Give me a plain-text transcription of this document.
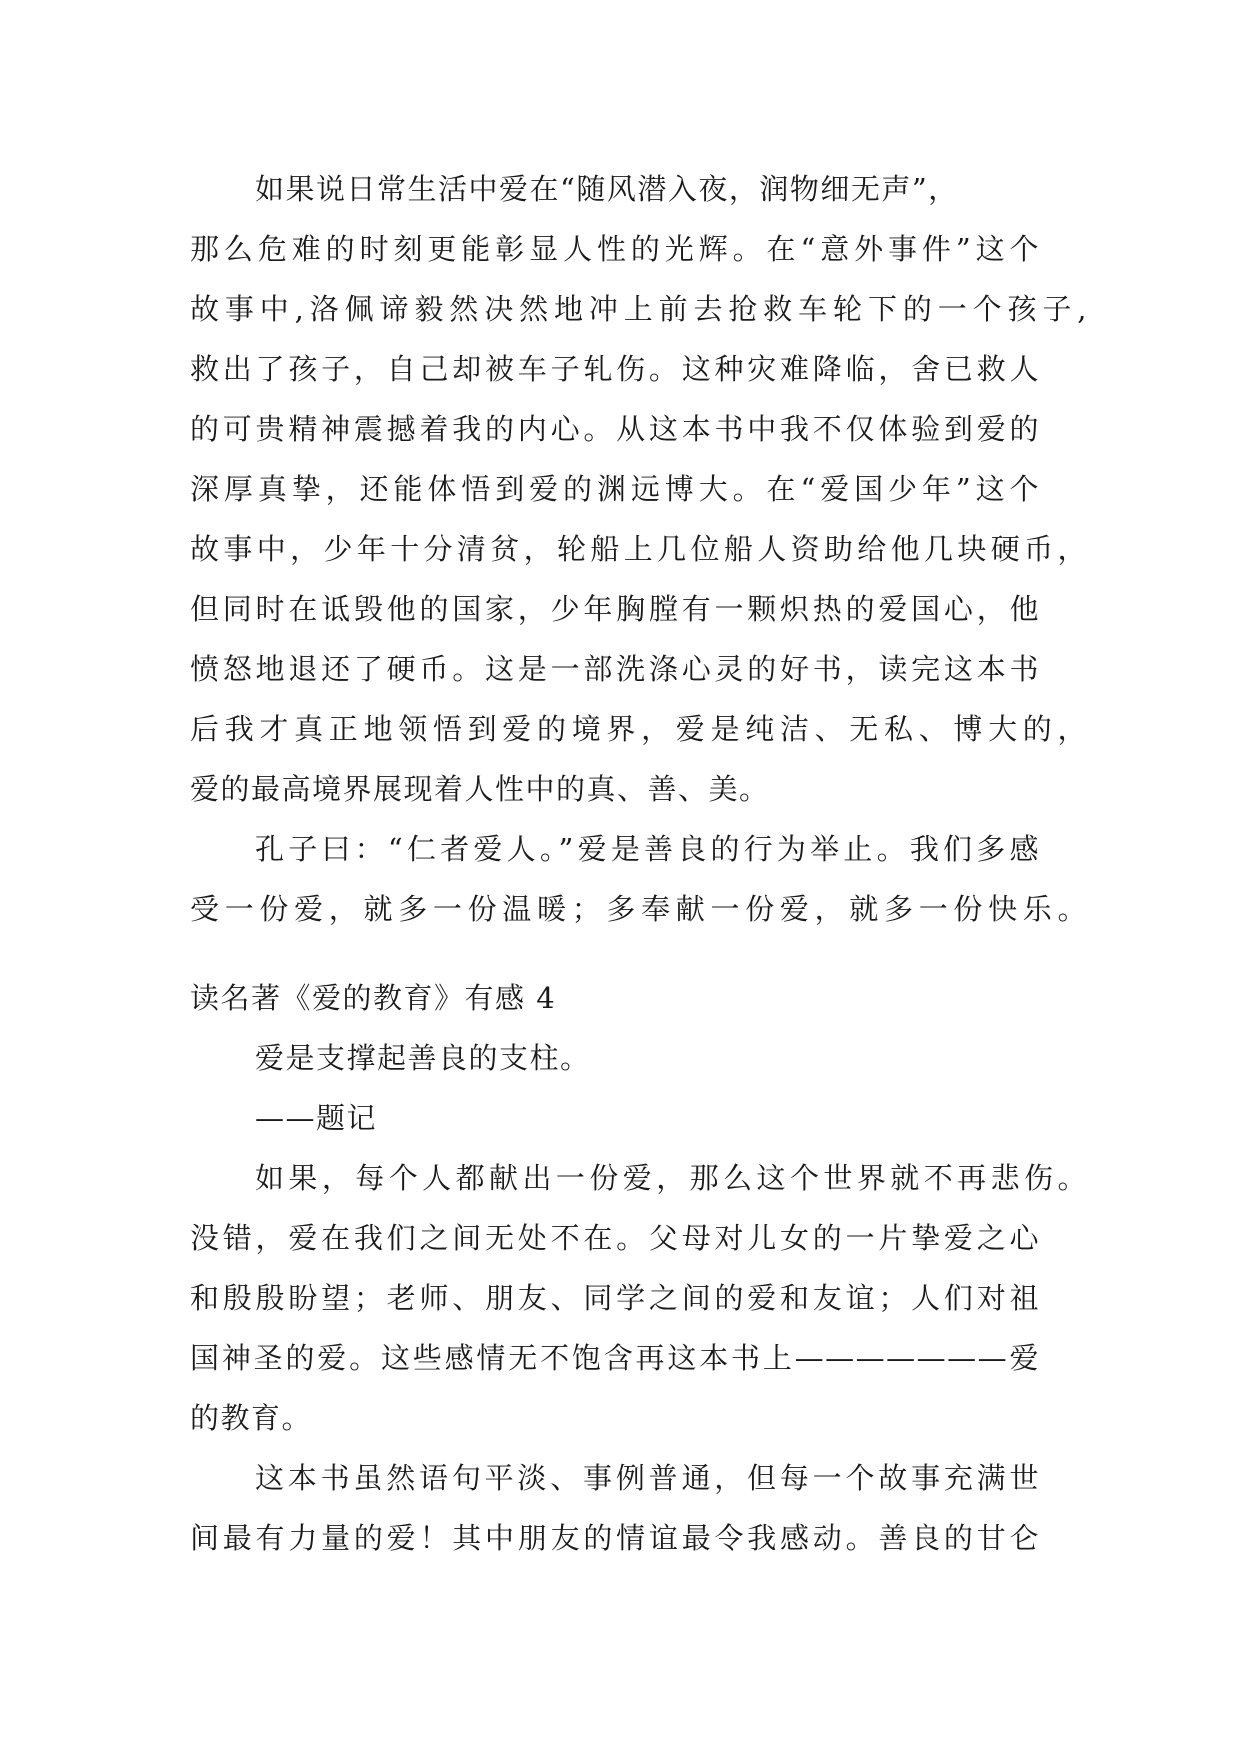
如果说日常生活中爱在“随风潜入夜，润物细无声”，
那么危难的时刻更能彰显人性的光辉。在“意外事件”这个
故事中,洛佩谛毅然决然地冲上前去抢救车轮下的一个孩子,
救出了孩子，自己却被车子轧伤。这种灾难降临，舍已救人
的可贵精神震撼着我的内心。从这本书中我不仅体验到爱的
深厚真挚，还能体悟到爱的渊远博大。在“爱国少年”这个
故事中，少年十分清贫，轮船上几位船人资助给他几块硬币，
但同时在诋毁他的国家，少年胸膛有一颗炽热的爱国心，他
愤怒地退还了硬币。这是一部洗涤心灵的好书，读完这本书
后我才真正地领悟到爱的境界，爱是纯洁、无私、博大的，
爱的最高境界展现着人性中的真、善、美。
孔子曰：“仁者爱人。”爱是善良的行为举止。我们多感
受一份爱，就多一份温暖；多奉献一份爱，就多一份快乐。
读名著《爱的教育》有感 4
爱是支撑起善良的支柱。
——题记
如果，每个人都献出一份爱，那么这个世界就不再悲伤。
没错，爱在我们之间无处不在。父母对儿女的一片挚爱之心
和殷殷盼望；老师、朋友、同学之间的爱和友谊；人们对祖
国神圣的爱。这些感情无不饱含再这本书上———————爱
的教育。
这本书虽然语句平淡、事例普通，但每一个故事充满世
间最有力量的爱！其中朋友的情谊最令我感动。善良的甘仑
